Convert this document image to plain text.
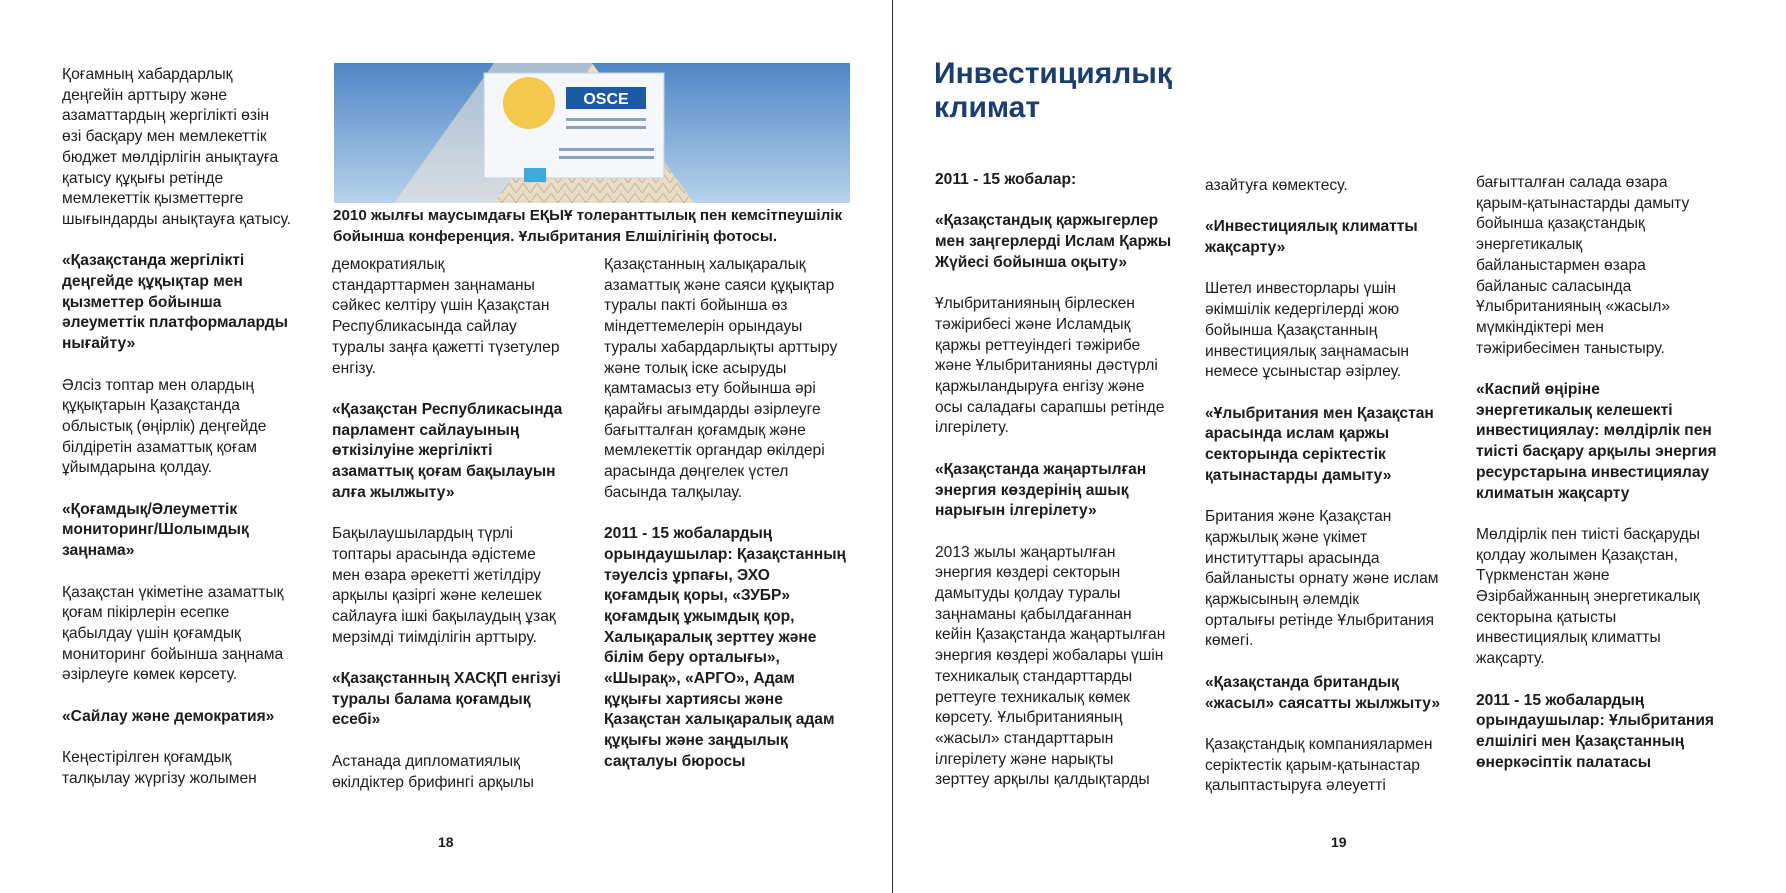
Қоғамның хабардарлық
деңгейін арттыру және
азаматтардың жергілікті өзін
өзі басқару мен мемлекеттік
бюджет мөлдірлігін анықтауға
қатысу құқығы ретінде
мемлекеттік қызметтерге
шығындарды анықтауға қатысу.

«Қазақстанда жергілікті
деңгейде құқықтар мен
қызметтер бойынша
әлеуметтік платформаларды
нығайту»

Әлсіз топтар мен олардың
құқықтарын Қазақстанда
облыстық (өңірлік) деңгейде
білдіретін азаматтық қоғам
ұйымдарына қолдау.

«Қоғамдық/Әлеуметтік
мониторинг/Шолымдық
заңнама»

Қазақстан үкіметіне азаматтық
қоғам пікірлерін есепке
қабылдау үшін қоғамдық
мониторинг бойынша заңнама
әзірлеуге көмек көрсету.

«Сайлау және демократия»

Кеңестірілген қоғамдық
талқылау жүргізу жолымен

OSCE
2010 жылғы маусымдағы ЕҚЫҰ толеранттылық пен кемсітпеушілік
бойынша конференция. Ұлыбритания Елшілігінің фотосы.

демократиялық
стандарттармен заңнаманы
сәйкес келтіру үшін Қазақстан
Республикасында сайлау
туралы заңға қажетті түзетулер
енгізу.

«Қазақстан Республикасында
парламент сайлауының
өткізілуіне жергілікті
азаматтық қоғам бақылауын
алға жылжыту»

Бақылаушылардың түрлі
топтары арасында әдістеме
мен өзара әрекетті жетілдіру
арқылы қазіргі және келешек
сайлауға ішкі бақылаудың ұзақ
мерзімді тиімділігін арттыру.

«Қазақстанның ХАСҚП енгізуі
туралы балама қоғамдық
есебі»

Астанада дипломатиялық
өкілдіктер брифингі арқылы

Қазақстанның халықаралық
азаматтық және саяси құқықтар
туралы пакті бойынша өз
міндеттемелерін орындауы
туралы хабардарлықты арттыру
және толық іске асыруды
қамтамасыз ету бойынша әрі
қарайғы ағымдарды әзірлеуге
бағытталған қоғамдық және
мемлекеттік органдар өкілдері
арасында дөңгелек үстел
басында талқылау.

2011 - 15 жобалардың
орындаушылар: Қазақстанның
тәуелсіз ұрпағы, ЭХО
қоғамдық қоры, «ЗУБР»
қоғамдық ұжымдық қор,
Халықаралық зерттеу және
білім беру орталығы»,
«Шырақ», «АРГО», Адам
құқығы хартиясы және
Қазақстан халықаралық адам
құқығы және заңдылық
сақталуы бюросы

18

2011 - 15 жобалар:

«Қазақстандық қаржыгерлер
мен заңгерлерді Ислам Қаржы
Жүйесі бойынша оқыту»

Ұлыбританияның бірлескен
тәжірибесі және Исламдық
қаржы реттеуіндегі тәжірибе
және Ұлыбританияны дәстүрлі
қаржыландыруға енгізу және
осы саладағы сарапшы ретінде
ілгерілету.

«Қазақстанда жаңартылған
энергия көздерінің ашық
нарығын ілгерілету»

2013 жылы жаңартылған
энергия көздері секторын
дамытуды қолдау туралы
заңнаманы қабылдағаннан
кейін Қазақстанда жаңартылған
энергия көздері жобалары үшін
техникалық стандарттарды
реттеуге техникалық көмек
көрсету. Ұлыбританияның
«жасыл» стандарттарын
ілгерілету және нарықты
зерттеу арқылы қалдықтарды

азайтуға көмектесу.

«Инвестициялық климатты
жақсарту»

Шетел инвесторлары үшін
әкімшілік кедергілерді жою
бойынша Қазақстанның
инвестициялық заңнамасын
немесе ұсыныстар әзірлеу.

«Ұлыбритания мен Қазақстан
арасында ислам қаржы
секторында серіктестік
қатынастарды дамыту»

Британия және Қазақстан
қаржылық және үкімет
институттары арасында
байланысты орнату және ислам
қаржысының әлемдік
орталығы ретінде Ұлыбритания
көмегі.

«Қазақстанда британдық
«жасыл» саясатты жылжыту»

Қазақстандық компаниялармен
серіктестік қарым-қатынастар
қалыптастыруға әлеуетті

бағытталған салада өзара
қарым-қатынастарды дамыту
бойынша қазақстандық
энергетикалық
байланыстармен өзара
байланыс саласында
Ұлыбританияның «жасыл»
мүмкіндіктері мен
тәжірибесімен таныстыру.

«Каспий өңіріне
энергетикалық келешекті
инвестициялау: мөлдірлік пен
тиісті басқару арқылы энергия
ресурстарына инвестициялау
климатын жақсарту

Мөлдірлік пен тиісті басқаруды
қолдау жолымен Қазақстан,
Түркменстан және
Әзірбайжанның энергетикалық
секторына қатысты
инвестициялық климатты
жақсарту.

2011 - 15 жобалардың
орындаушылар: Ұлыбритания
елшілігі мен Қазақстанның
өнеркәсіптік палатасы

19
Инвестициялық
климат
